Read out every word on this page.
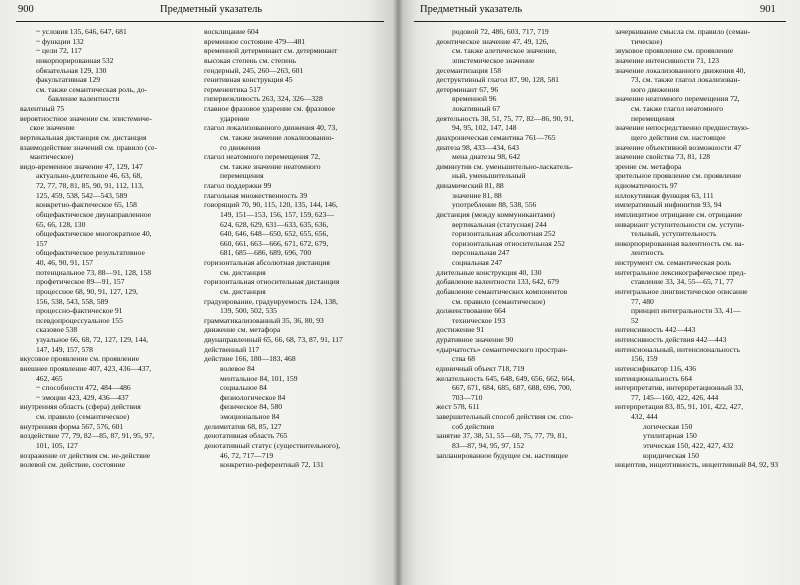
900	Предметный указатель
~ условия 135, 646, 647, 681
~ функции 132
~ цели 72, 117
инкорпорированная 532
обязательная 129, 130
факультативная 129
см. также семантическая роль, до-
бавление валентности
валентный 75
вероятностное значение см. эпистемиче-
ское значение
вертикальная дистанция см. дистанция
взаимодействие значений см. правило (се-
мантическое)
видо-временное значение 47, 129, 147
актуально-длительное 46, 63, 68,
72, 77, 78, 81, 85, 90, 91, 112, 113,
125, 459, 538, 542—543, 589
конкретно-фактическое 65, 158
общефактическое двунаправленное
65, 66, 128, 130
общефактическое многократное 40,
157
общефактическое результативное
40, 46, 90, 91, 157
потенциальное 73, 88—91, 128, 158
профетическое 89—91, 157
процессное 68, 90, 91, 127, 129,
156, 538, 543, 558, 589
процессно-фактическое 91
псевдопроцессуальное 155
сказовое 538
узуальное 66, 68, 72, 127, 129, 144,
147, 149, 157, 578
вкусовое проявление см. проявление
внешнее проявление 407, 423, 436—437,
462, 465
~ способности 472, 484—486
~ эмоции 423, 429, 436—437
внутренняя область (сфера) действия
см. правило (семантическое)
внутренняя форма 567, 576, 601
воздействие 77, 79, 82—85, 87, 91, 95, 97,
101, 105, 127
возражение от действия см. не-действие
волевой см. действие, состояние
восклицание 604
временное состояние 479—481
временной детерминант см. детерминант
высокая степень см. степень
гендерный, 245, 260—263, 601
генитивная конструкция 45
герменевтика 517
гипервежливость 263, 324, 326—328
главное фразовое ударение см. фразовое
ударение
глагол локализованного движения 40, 73,
см. также значение локализованно-
го движения
глагол неатомного перемещения 72,
см. также значение неатомного
перемещения
глагол поддержки 99
глагольная множественность 39
говорящий 70, 90, 115, 120, 135, 144, 146,
149, 151—153, 156, 157, 159, 623—
624, 628, 629, 631—633, 635, 636,
640, 646, 648—650, 652, 655, 656,
660, 661, 663—666, 671, 672, 679,
681, 685—686, 689, 696, 700
горизонтальная абсолютная дистанция
см. дистанция
горизонтальная относительная дистанция
см. дистанция
градуирование, градуируемость 124, 138,
139, 500, 502, 535
грамматикализованный 35, 36, 80, 93
движение см. метафора
двунаправленный 65, 66, 68, 73, 87, 91, 117
действенный 117
действие 166, 180—183, 468
волевое 84
ментальное 84, 101, 159
социальное 84
физиологическое 84
физическое 84, 580
эмоциональное 84
делимитатив 68, 85, 127
денотативная область 765
денотативный статус (существительного),
46, 72, 717—719
конкретно-референтный 72, 131
Предметный указатель	901
родовой 72, 486, 603, 717, 719
деонтическое значение 47, 49, 126,
см. также алетическое значение,
эпистемическое значение
десемантизация 158
деструктивный глагол 87, 90, 128, 581
детерминант 67, 96
временной 96
локативный 67
деятельность 38, 51, 75, 77, 82—86, 90, 91,
94, 95, 102, 147, 148
диахроническая семантика 761—765
диатеза 98, 433—434, 643
мена диатезы 98, 642
диминутив см. уменьшительно-ласкатель-
ный, уменьшительный
динамический 81, 88
значение 81, 88
употребление 88, 538, 556
дистанция (между коммуникантами)
вертикальная (статусная) 244
горизонтальная абсолютная 252
горизонтальная относительная 252
персональная 247
социальная 247
длительные конструкция 40, 130
добавление валентности 133, 642, 679
добавление семантических компонентов
см. правило (семантическое)
долженствование 664
техническое 193
достижение 91
дуративное значение 90
«дырчатость» семантического простран-
ства 68
единичный объект 718, 719
желательность 645, 648, 649, 656, 662, 664,
667, 671, 684, 685, 687, 688, 696, 700,
703—710
жест 578, 611
завершительный способ действия см. спо-
соб действия
занятие 37, 38, 51, 55—68, 75, 77, 79, 81,
83—87, 94, 95, 97, 152
запланированное будущее см. настоящее
зачеркивание смысла см. правило (семан-
тическое)
звуковое проявление см. проявление
значение интенсивности 71, 123
значение локализованного движения 40,
73, см. также глагол локализован-
ного движения
значение неатомного перемещения 72,
см. также глагол неатомного
перемещения
значение непосредственно предшествую-
щего действия см. настоящее
значение объективной возможности 47
значение свойства 73, 81, 128
зрение см. метафора
зрительное проявление см. проявление
идиоматичность 97
иллокутивная функция 63, 111
императивный инфинитив 93, 94
имплицитное отрицание см. отрицание
инвариант уступительности см. уступи-
тельный, уступительность
инкорпорированная валентность см. ва-
лентность
инструмент см. семантическая роль
интегральное лексикографическое пред-
ставление 33, 34, 55—65, 71, 77
интегральное лингвистическое описание
77, 480
принцип интегральности 33, 41—
52
интенсивность 442—443
интенсивность действия 442—443
интенсиональный, интенсиональность
156, 159
интенсификатор 116, 436
интенциональность 664
интерпретатив, интерпретационный 33,
77, 145—160, 422, 426, 444
интерпретация 83, 85, 91, 101, 422, 427,
432, 444
логическая 150
утилитарная 150
этическая 150, 422, 427, 432
юридическая 150
инцептив, инцептивность, инцептивный 84, 92, 93
